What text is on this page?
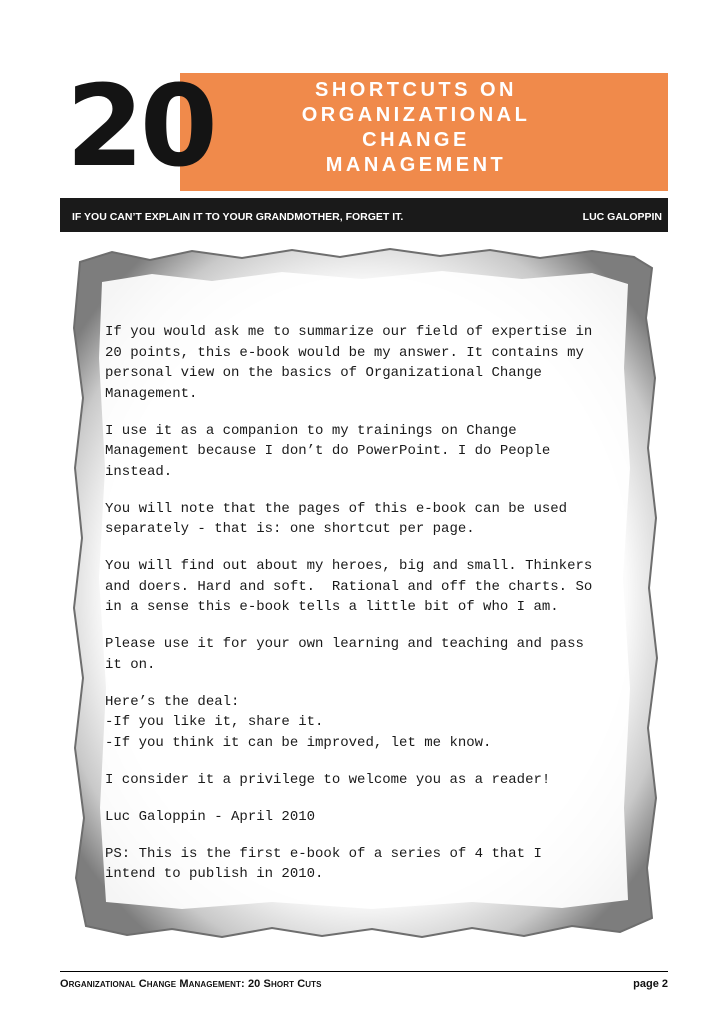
20	SHORTCUTS ON
ORGANIZATIONAL
CHANGE
MANAGEMENT
IF YOU CAN’T EXPLAIN IT TO YOUR GRANDMOTHER, FORGET IT.	LUC GALOPPIN

If you would ask me to summarize our field of expertise in
20 points, this e-book would be my answer. It contains my
personal view on the basics of Organizational Change
Management.

I use it as a companion to my trainings on Change
Management because I don’t do PowerPoint. I do People
instead.

You will note that the pages of this e-book can be used
separately - that is: one shortcut per page.

You will find out about my heroes, big and small. Thinkers
and doers. Hard and soft.  Rational and off the charts. So
in a sense this e-book tells a little bit of who I am.

Please use it for your own learning and teaching and pass
it on.

Here’s the deal:
-If you like it, share it.
-If you think it can be improved, let me know.

I consider it a privilege to welcome you as a reader!

Luc Galoppin - April 2010

PS: This is the first e-book of a series of 4 that I
intend to publish in 2010.

Organizational Change Management: 20 Short Cuts	page 2
